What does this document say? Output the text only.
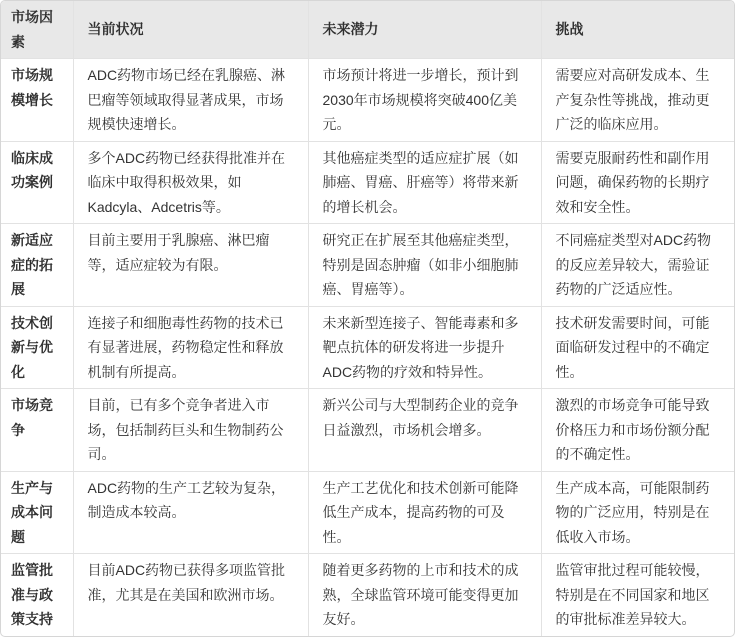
市场因素	当前状况	未来潜力	挑战
市场规模增长	ADC药物市场已经在乳腺癌、淋巴瘤等领域取得显著成果，市场规模快速增长。	市场预计将进一步增长，预计到2030年市场规模将突破400亿美元。	需要应对高研发成本、生产复杂性等挑战，推动更广泛的临床应用。
临床成功案例	多个ADC药物已经获得批准并在临床中取得积极效果，如Kadcyla、Adcetris等。	其他癌症类型的适应症扩展（如肺癌、胃癌、肝癌等）将带来新的增长机会。	需要克服耐药性和副作用问题，确保药物的长期疗效和安全性。
新适应症的拓展	目前主要用于乳腺癌、淋巴瘤等，适应症较为有限。	研究正在扩展至其他癌症类型，特别是固态肿瘤（如非小细胞肺癌、胃癌等）。	不同癌症类型对ADC药物的反应差异较大，需验证药物的广泛适应性。
技术创新与优化	连接子和细胞毒性药物的技术已有显著进展，药物稳定性和释放机制有所提高。	未来新型连接子、智能毒素和多靶点抗体的研发将进一步提升ADC药物的疗效和特异性。	技术研发需要时间，可能面临研发过程中的不确定性。
市场竞争	目前，已有多个竞争者进入市场，包括制药巨头和生物制药公司。	新兴公司与大型制药企业的竞争日益激烈，市场机会增多。	激烈的市场竞争可能导致价格压力和市场份额分配的不确定性。
生产与成本问题	ADC药物的生产工艺较为复杂，制造成本较高。	生产工艺优化和技术创新可能降低生产成本，提高药物的可及性。	生产成本高，可能限制药物的广泛应用，特别是在低收入市场。
监管批准与政策支持	目前ADC药物已获得多项监管批准，尤其是在美国和欧洲市场。	随着更多药物的上市和技术的成熟，全球监管环境可能变得更加友好。	监管审批过程可能较慢，特别是在不同国家和地区的审批标准差异较大。
